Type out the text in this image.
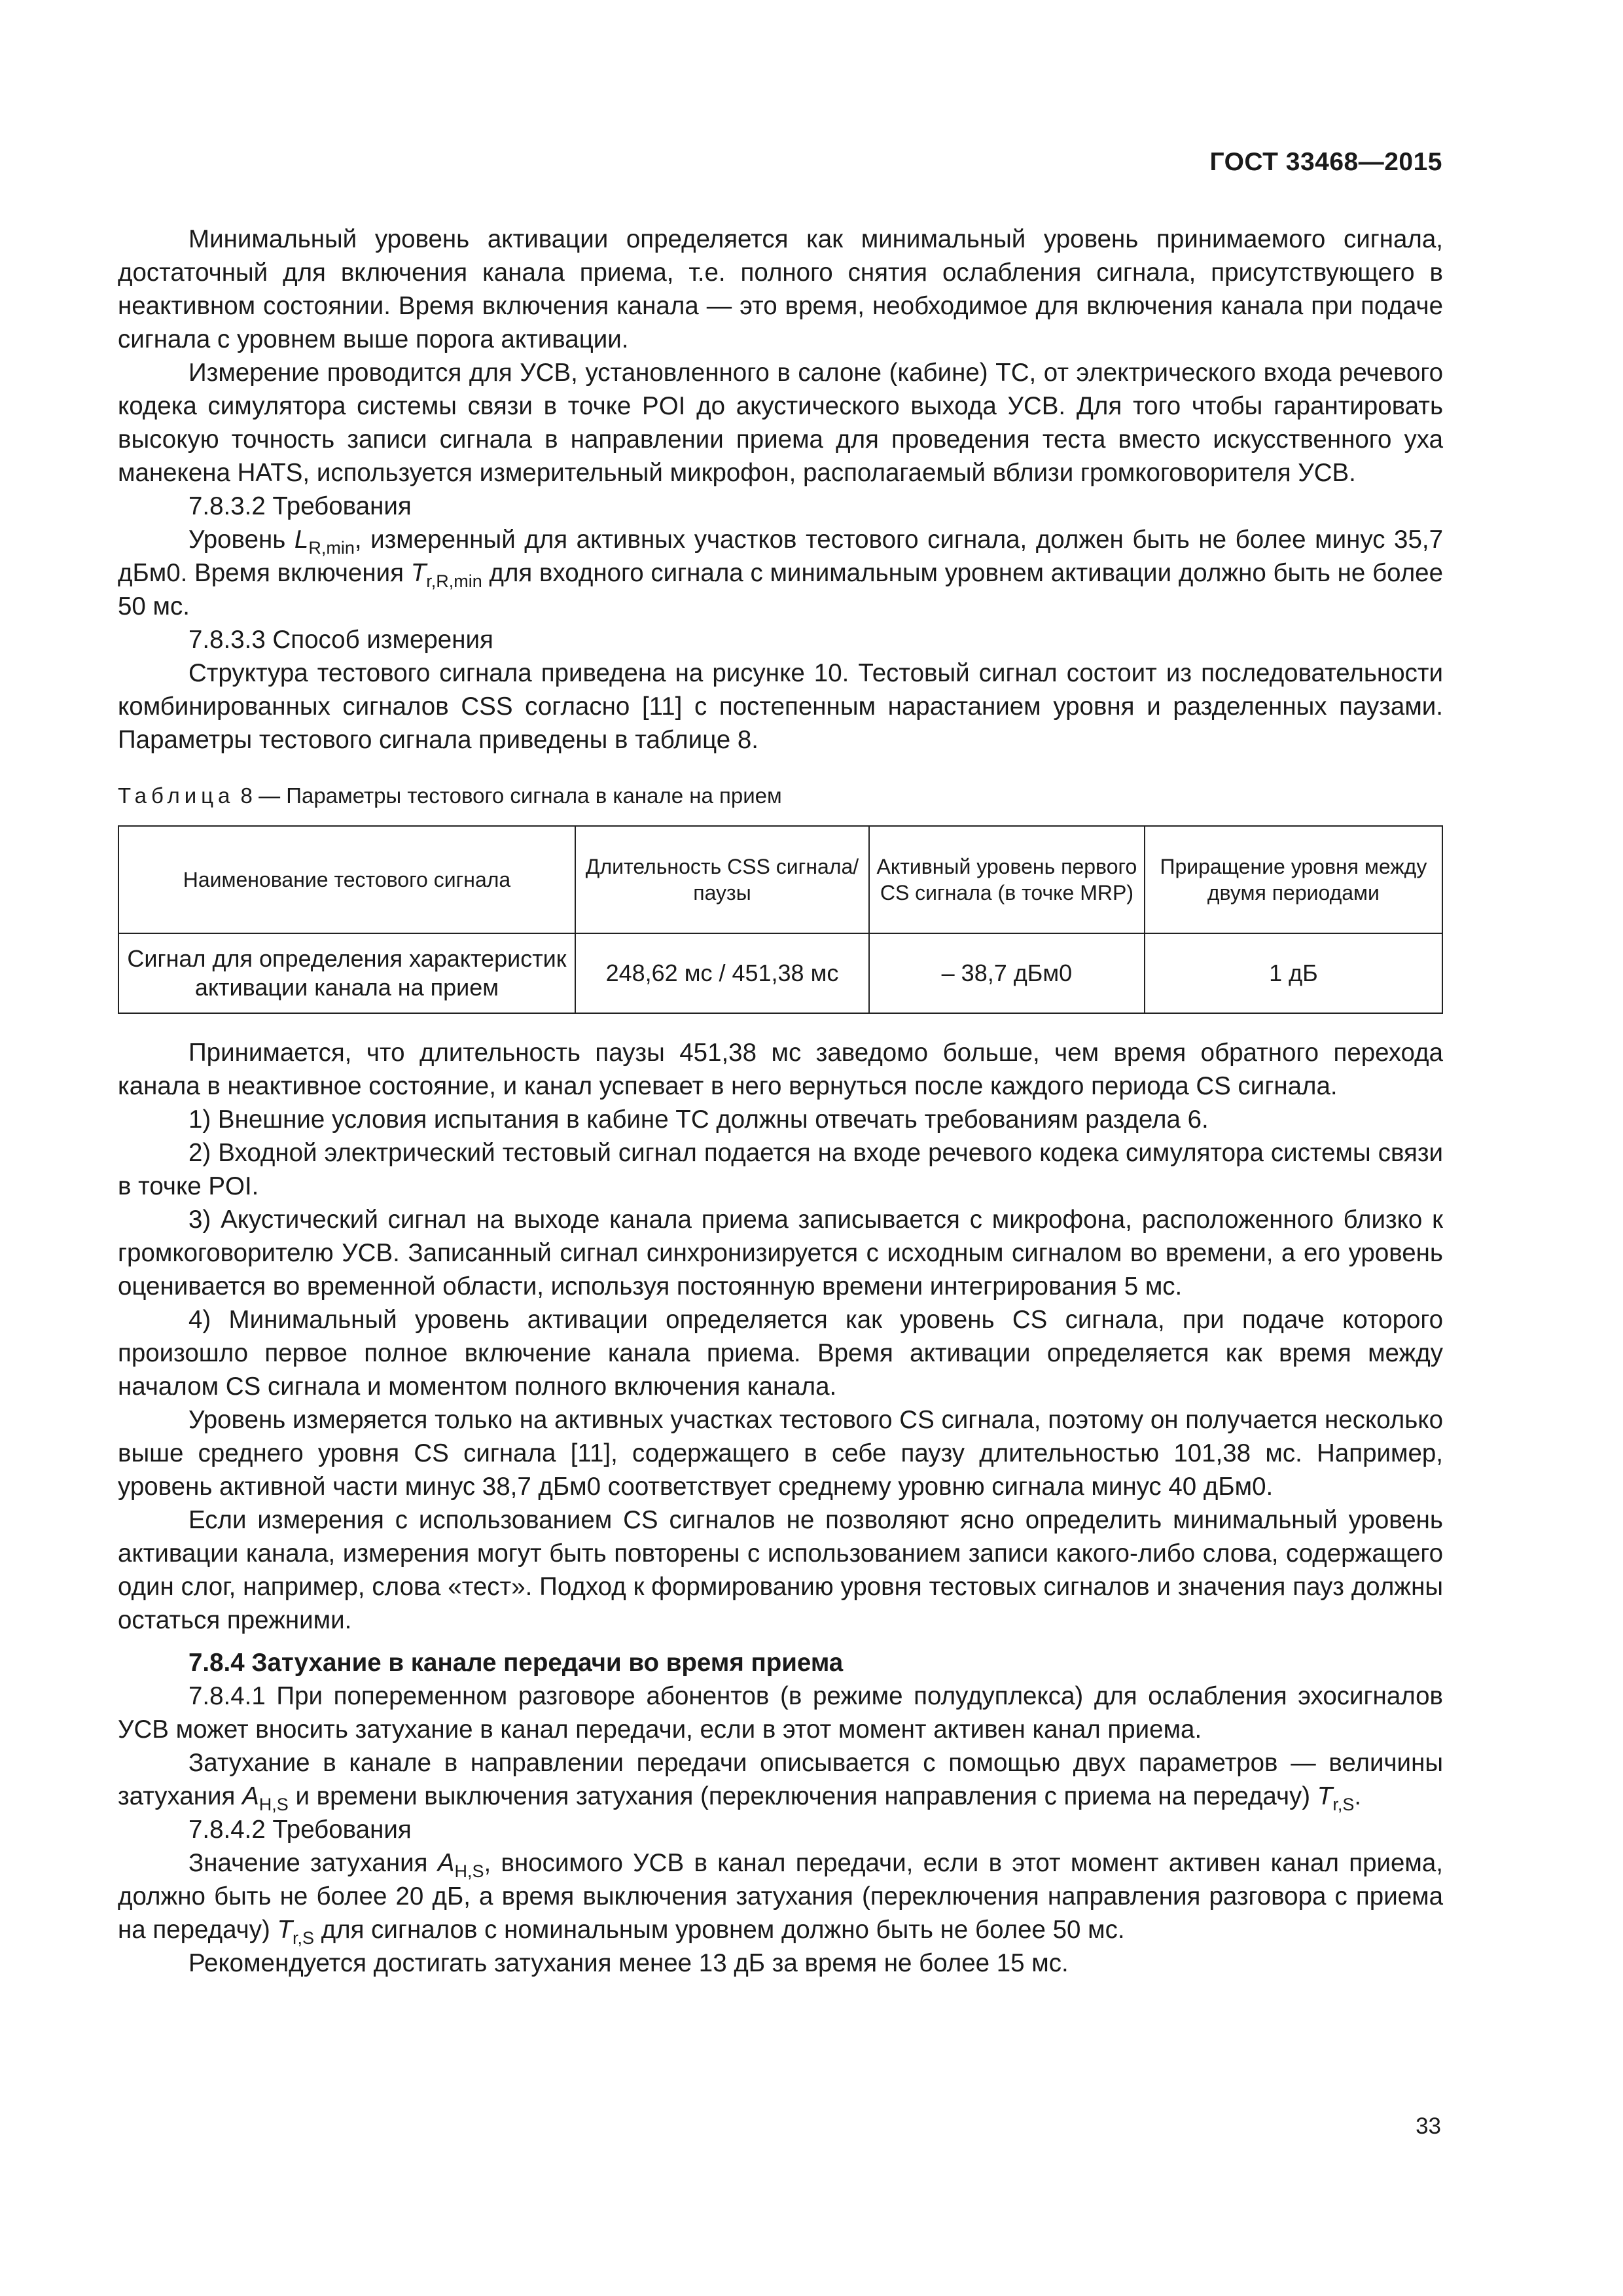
ГОСТ 33468—2015

Минимальный уровень активации определяется как минимальный уровень принимаемого сигнала, достаточный для включения канала приема, т.е. полного снятия ослабления сигнала, присутствующего в неактивном состоянии. Время включения канала — это время, необходимое для включения канала при подаче сигнала с уровнем выше порога активации.

Измерение проводится для УСВ, установленного в салоне (кабине) ТС, от электрического входа речевого кодека симулятора системы связи в точке POI до акустического выхода УСВ. Для того чтобы гарантировать высокую точность записи сигнала в направлении приема для проведения теста вместо искусственного уха манекена HATS, используется измерительный микрофон, располагаемый вблизи громкоговорителя УСВ.

7.8.3.2 Требования

Уровень $L_{R,min}$, измеренный для активных участков тестового сигнала, должен быть не более минус 35,7 дБм0. Время включения $T_{r,R,min}$ для входного сигнала с минимальным уровнем активации должно быть не более 50 мс.

7.8.3.3 Способ измерения

Структура тестового сигнала приведена на рисунке 10. Тестовый сигнал состоит из последовательности комбинированных сигналов CSS согласно [11] с постепенным нарастанием уровня и разделенных паузами. Параметры тестового сигнала приведены в таблице 8.

Таблица 8 — Параметры тестового сигнала в канале на прием
Наименование тестового сигнала	Длительность CSS сигнала/паузы	Активный уровень первого CS сигнала (в точке MRP)	Приращение уровня между двумя периодами
Сигнал для определения характеристик активации канала на прием	248,62 мс / 451,38 мс	– 38,7 дБм0	1 дБ

Принимается, что длительность паузы 451,38 мс заведомо больше, чем время обратного перехода канала в неактивное состояние, и канал успевает в него вернуться после каждого периода CS сигнала.

1) Внешние условия испытания в кабине ТС должны отвечать требованиям раздела 6.

2) Входной электрический тестовый сигнал подается на входе речевого кодека симулятора системы связи в точке POI.

3) Акустический сигнал на выходе канала приема записывается с микрофона, расположенного близко к громкоговорителю УСВ. Записанный сигнал синхронизируется с исходным сигналом во времени, а его уровень оценивается во временной области, используя постоянную времени интегрирования 5 мс.

4) Минимальный уровень активации определяется как уровень CS сигнала, при подаче которого произошло первое полное включение канала приема. Время активации определяется как время между началом CS сигнала и моментом полного включения канала.

Уровень измеряется только на активных участках тестового CS сигнала, поэтому он получается несколько выше среднего уровня CS сигнала [11], содержащего в себе паузу длительностью 101,38 мс. Например, уровень активной части минус 38,7 дБм0 соответствует среднему уровню сигнала минус 40 дБм0.

Если измерения с использованием CS сигналов не позволяют ясно определить минимальный уровень активации канала, измерения могут быть повторены с использованием записи какого-либо слова, содержащего один слог, например, слова «тест». Подход к формированию уровня тестовых сигналов и значения пауз должны остаться прежними.

7.8.4 Затухание в канале передачи во время приема

7.8.4.1 При попеременном разговоре абонентов (в режиме полудуплекса) для ослабления эхосигналов УСВ может вносить затухание в канал передачи, если в этот момент активен канал приема.

Затухание в канале в направлении передачи описывается с помощью двух параметров — величины затухания $A_{H,S}$ и времени выключения затухания (переключения направления с приема на передачу) $T_{r,S}$.

7.8.4.2 Требования

Значение затухания $A_{H,S}$, вносимого УСВ в канал передачи, если в этот момент активен канал приема, должно быть не более 20 дБ, а время выключения затухания (переключения направления разговора с приема на передачу) $T_{r,S}$ для сигналов с номинальным уровнем должно быть не более 50 мс.

Рекомендуется достигать затухания менее 13 дБ за время не более 15 мс.

33
